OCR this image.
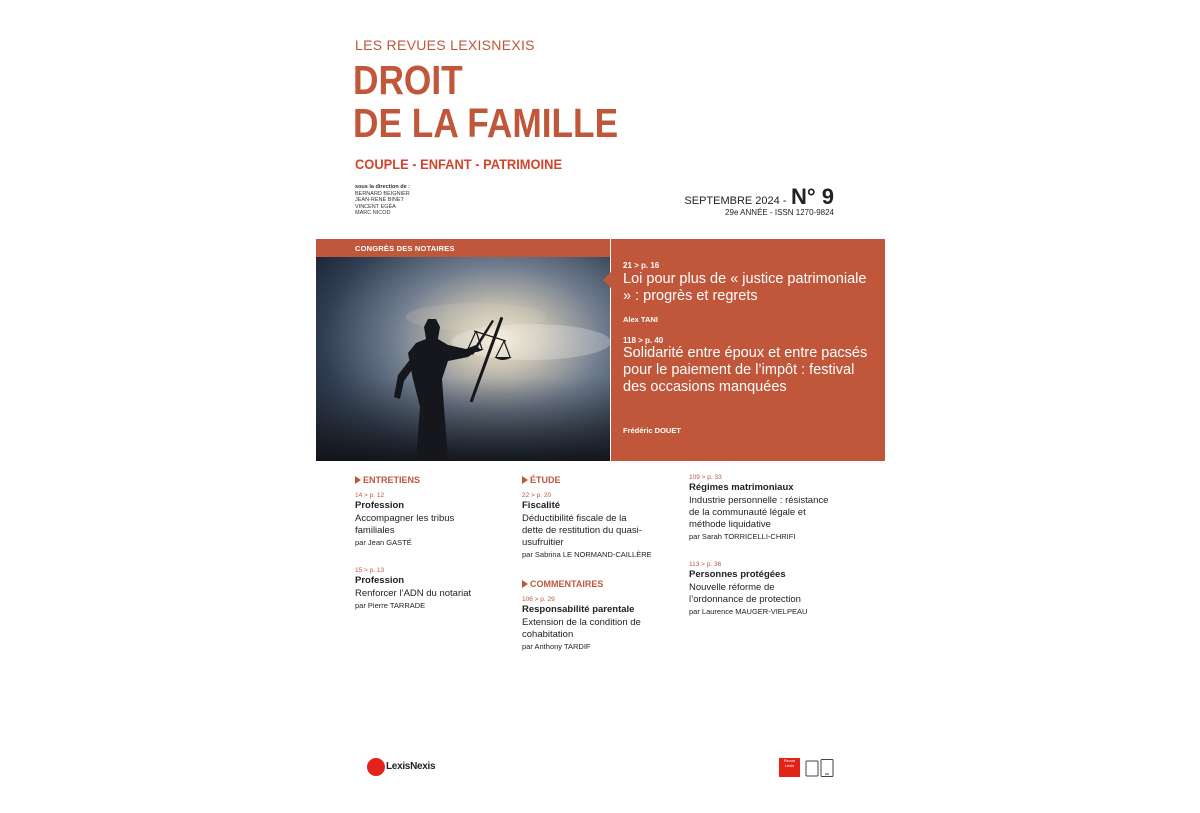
LES REVUES LEXISNEXIS
DROIT
DE LA FAMILLE
COUPLE - ENFANT - PATRIMOINE
sous la direction de :
BERNARD BEIGNIER
JEAN-RENÉ BINET
VINCENT EGÉA
MARC NICOD
SEPTEMBRE 2024 - N° 9
29e ANNÉE - ISSN 1270-9824
CONGRÈS DES NOTAIRES
21 > p. 16
Loi pour plus de « justice patrimoniale » : progrès et regrets
Alex TANI
118 > p. 40
Solidarité entre époux et entre pacsés pour le paiement de l’impôt : festival des occasions manquées
Frédéric DOUET
ENTRETIENS
14 > p. 12
Profession
Accompagner les tribus familiales
par Jean GASTÉ
15 > p. 13
Profession
Renforcer l’ADN du notariat
par Pierre TARRADE
ÉTUDE
22 > p. 20
Fiscalité
Déductibilité fiscale de la dette de restitution du quasi-usufruitier
par Sabrina LE NORMAND-CAILLÈRE
COMMENTAIRES
106 > p. 29
Responsabilité parentale
Extension de la condition de cohabitation
par Anthony TARDIF
109 > p. 33
Régimes matrimoniaux
Industrie personnelle : résistance de la communauté légale et méthode liquidative
par Sarah TORRICELLI-CHRIFI
113 > p. 36
Personnes protégées
Nouvelle réforme de l’ordonnance de protection
par Laurence MAUGER-VIELPEAU
LexisNexis
Revue Lexis
